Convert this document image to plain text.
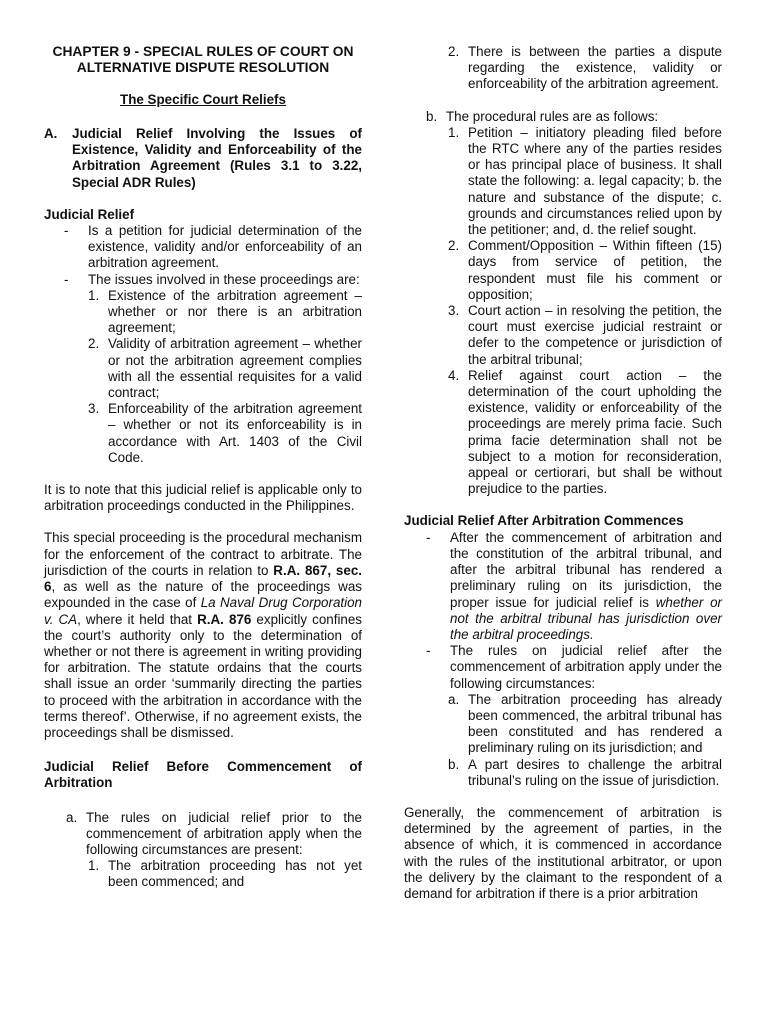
CHAPTER 9 - SPECIAL RULES OF COURT ON
ALTERNATIVE DISPUTE RESOLUTION
The Specific Court Reliefs
A.	Judicial Relief Involving the Issues of Existence, Validity and Enforceability of the Arbitration Agreement (Rules 3.1 to 3.22, Special ADR Rules)
Judicial Relief
-	Is a petition for judicial determination of the existence, validity and/or enforceability of an arbitration agreement.
-	The issues involved in these proceedings are:
1. Existence of the arbitration agreement – whether or nor there is an arbitration agreement;
2. Validity of arbitration agreement – whether or not the arbitration agreement complies with all the essential requisites for a valid contract;
3. Enforceability of the arbitration agreement – whether or not its enforceability is in accordance with Art. 1403 of the Civil Code.

It is to note that this judicial relief is applicable only to arbitration proceedings conducted in the Philippines.

This special proceeding is the procedural mechanism for the enforcement of the contract to arbitrate. The jurisdiction of the courts in relation to R.A. 867, sec. 6, as well as the nature of the proceedings was expounded in the case of La Naval Drug Corporation v. CA, where it held that R.A. 876 explicitly confines the court’s authority only to the determination of whether or not there is agreement in writing providing for arbitration. The statute ordains that the courts shall issue an order ‘summarily directing the parties to proceed with the arbitration in accordance with the terms thereof’. Otherwise, if no agreement exists, the proceedings shall be dismissed.

Judicial Relief Before Commencement of Arbitration
a. The rules on judicial relief prior to the commencement of arbitration apply when the following circumstances are present:
1. The arbitration proceeding has not yet been commenced; and
2. There is between the parties a dispute regarding the existence, validity or enforceability of the arbitration agreement.
b. The procedural rules are as follows:
1. Petition – initiatory pleading filed before the RTC where any of the parties resides or has principal place of business. It shall state the following: a. legal capacity; b. the nature and substance of the dispute; c. grounds and circumstances relied upon by the petitioner; and, d. the relief sought.
2. Comment/Opposition – Within fifteen (15) days from service of petition, the respondent must file his comment or opposition;
3. Court action – in resolving the petition, the court must exercise judicial restraint or defer to the competence or jurisdiction of the arbitral tribunal;
4. Relief against court action – the determination of the court upholding the existence, validity or enforceability of the proceedings are merely prima facie. Such prima facie determination shall not be subject to a motion for reconsideration, appeal or certiorari, but shall be without prejudice to the parties.
Judicial Relief After Arbitration Commences
-	After the commencement of arbitration and the constitution of the arbitral tribunal, and after the arbitral tribunal has rendered a preliminary ruling on its jurisdiction, the proper issue for judicial relief is whether or not the arbitral tribunal has jurisdiction over the arbitral proceedings.
-	The rules on judicial relief after the commencement of arbitration apply under the following circumstances:
a. The arbitration proceeding has already been commenced, the arbitral tribunal has been constituted and has rendered a preliminary ruling on its jurisdiction; and
b. A part desires to challenge the arbitral tribunal’s ruling on the issue of jurisdiction.

Generally, the commencement of arbitration is determined by the agreement of parties, in the absence of which, it is commenced in accordance with the rules of the institutional arbitrator, or upon the delivery by the claimant to the respondent of a demand for arbitration if there is a prior arbitration
